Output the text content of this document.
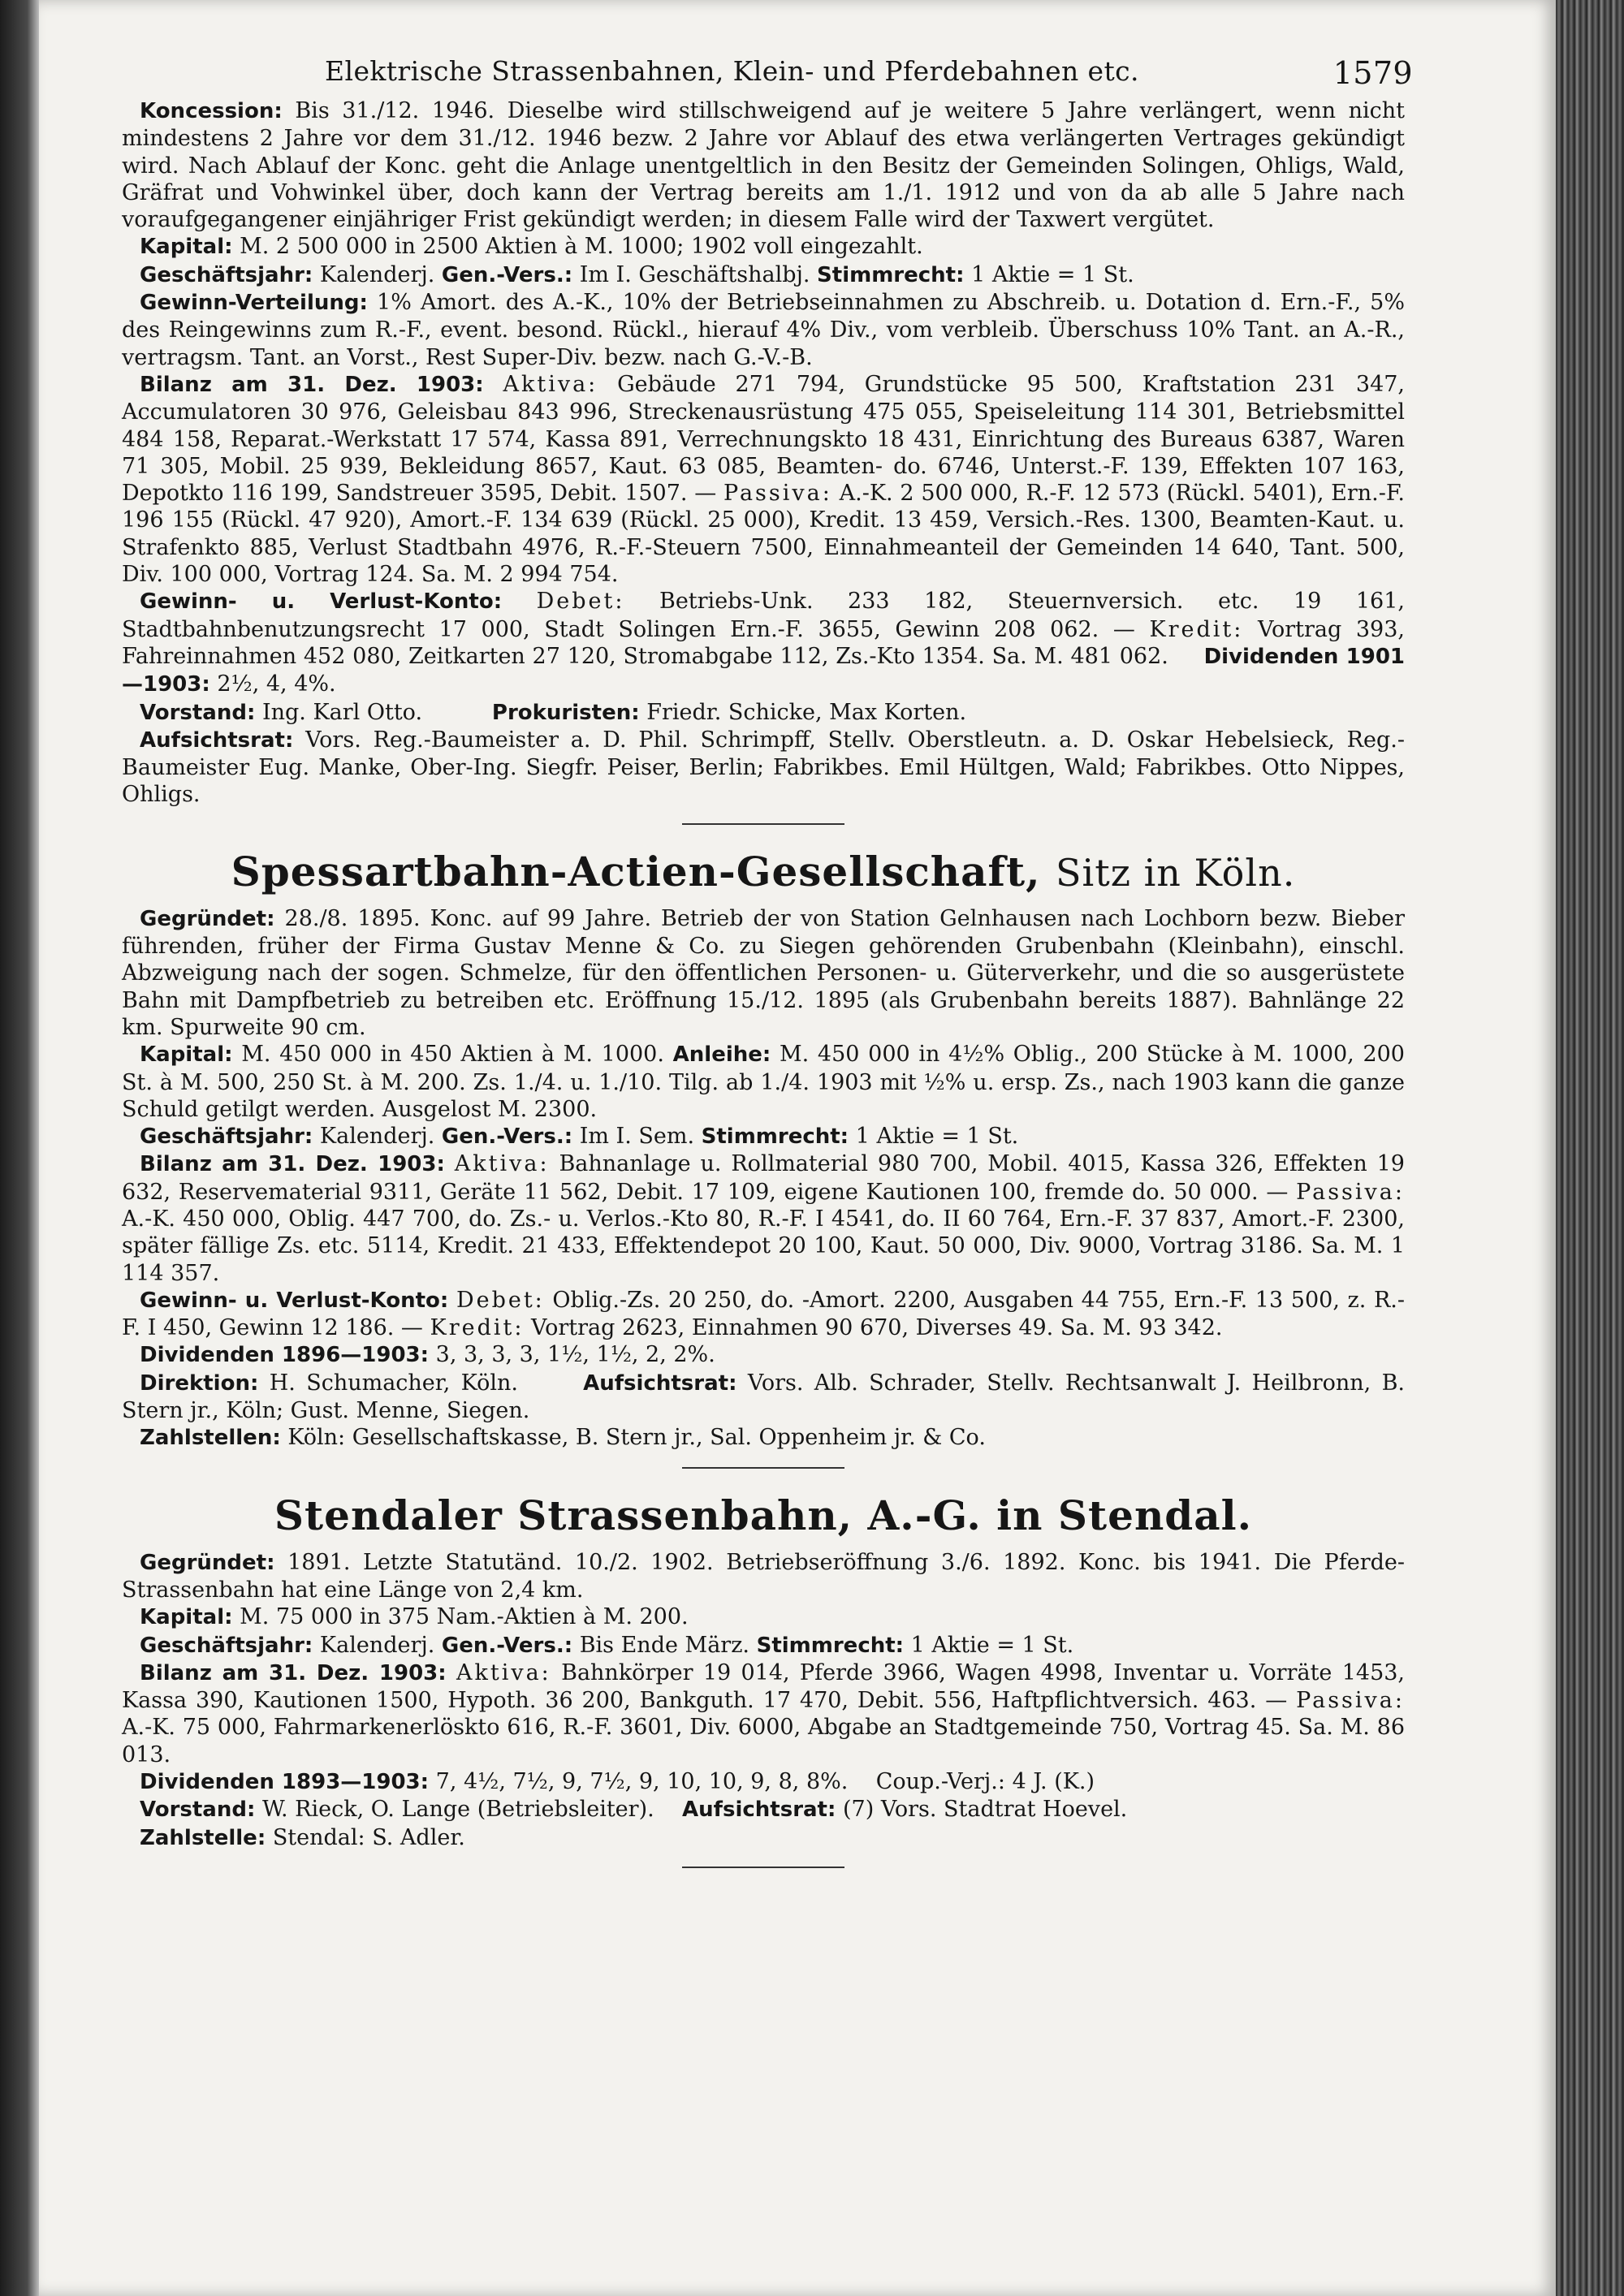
Elektrische Strassenbahnen, Klein- und Pferdebahnen etc.	1579

Koncession: Bis 31./12. 1946. Dieselbe wird stillschweigend auf je weitere 5 Jahre verlängert, wenn nicht mindestens 2 Jahre vor dem 31./12. 1946 bezw. 2 Jahre vor Ablauf des etwa verlängerten Vertrages gekündigt wird. Nach Ablauf der Konc. geht die Anlage unentgeltlich in den Besitz der Gemeinden Solingen, Ohligs, Wald, Gräfrat und Vohwinkel über, doch kann der Vertrag bereits am 1./1. 1912 und von da ab alle 5 Jahre nach voraufgegangener einjähriger Frist gekündigt werden; in diesem Falle wird der Taxwert vergütet.

Kapital: M. 2 500 000 in 2500 Aktien à M. 1000; 1902 voll eingezahlt.

Geschäftsjahr: Kalenderj. Gen.-Vers.: Im I. Geschäftshalbj. Stimmrecht: 1 Aktie = 1 St.

Gewinn-Verteilung: 1% Amort. des A.-K., 10% der Betriebseinnahmen zu Abschreib. u. Dotation d. Ern.-F., 5% des Reingewinns zum R.-F., event. besond. Rückl., hierauf 4% Div., vom verbleib. Überschuss 10% Tant. an A.-R., vertragsm. Tant. an Vorst., Rest Super-Div. bezw. nach G.-V.-B.

Bilanz am 31. Dez. 1903: Aktiva: Gebäude 271 794, Grundstücke 95 500, Kraftstation 231 347, Accumulatoren 30 976, Geleisbau 843 996, Streckenausrüstung 475 055, Speiseleitung 114 301, Betriebsmittel 484 158, Reparat.-Werkstatt 17 574, Kassa 891, Verrechnungskto 18 431, Einrichtung des Bureaus 6387, Waren 71 305, Mobil. 25 939, Bekleidung 8657, Kaut. 63 085, Beamten- do. 6746, Unterst.-F. 139, Effekten 107 163, Depotkto 116 199, Sandstreuer 3595, Debit. 1507. — Passiva: A.-K. 2 500 000, R.-F. 12 573 (Rückl. 5401), Ern.-F. 196 155 (Rückl. 47 920), Amort.-F. 134 639 (Rückl. 25 000), Kredit. 13 459, Versich.-Res. 1300, Beamten-Kaut. u. Strafenkto 885, Verlust Stadtbahn 4976, R.-F.-Steuern 7500, Einnahmeanteil der Gemeinden 14 640, Tant. 500, Div. 100 000, Vortrag 124. Sa. M. 2 994 754.

Gewinn- u. Verlust-Konto: Debet: Betriebs-Unk. 233 182, Steuernversich. etc. 19 161, Stadtbahnbenutzungsrecht 17 000, Stadt Solingen Ern.-F. 3655, Gewinn 208 062. — Kredit: Vortrag 393, Fahreinnahmen 452 080, Zeitkarten 27 120, Stromabgabe 112, Zs.-Kto 1354. Sa. M. 481 062. Dividenden 1901—1903: 2½, 4, 4%.

Vorstand: Ing. Karl Otto.	Prokuristen: Friedr. Schicke, Max Korten.

Aufsichtsrat: Vors. Reg.-Baumeister a. D. Phil. Schrimpff, Stellv. Oberstleutn. a. D. Oskar Hebelsieck, Reg.-Baumeister Eug. Manke, Ober-Ing. Siegfr. Peiser, Berlin; Fabrikbes. Emil Hültgen, Wald; Fabrikbes. Otto Nippes, Ohligs.

Spessartbahn-Actien-Gesellschaft, Sitz in Köln.

Gegründet: 28./8. 1895. Konc. auf 99 Jahre. Betrieb der von Station Gelnhausen nach Lochborn bezw. Bieber führenden, früher der Firma Gustav Menne & Co. zu Siegen gehörenden Grubenbahn (Kleinbahn), einschl. Abzweigung nach der sogen. Schmelze, für den öffentlichen Personen- u. Güterverkehr, und die so ausgerüstete Bahn mit Dampfbetrieb zu betreiben etc. Eröffnung 15./12. 1895 (als Grubenbahn bereits 1887). Bahnlänge 22 km. Spurweite 90 cm.

Kapital: M. 450 000 in 450 Aktien à M. 1000. Anleihe: M. 450 000 in 4½% Oblig., 200 Stücke à M. 1000, 200 St. à M. 500, 250 St. à M. 200. Zs. 1./4. u. 1./10. Tilg. ab 1./4. 1903 mit ½% u. ersp. Zs., nach 1903 kann die ganze Schuld getilgt werden. Ausgelost M. 2300.

Geschäftsjahr: Kalenderj. Gen.-Vers.: Im I. Sem. Stimmrecht: 1 Aktie = 1 St.

Bilanz am 31. Dez. 1903: Aktiva: Bahnanlage u. Rollmaterial 980 700, Mobil. 4015, Kassa 326, Effekten 19 632, Reservematerial 9311, Geräte 11 562, Debit. 17 109, eigene Kautionen 100, fremde do. 50 000. — Passiva: A.-K. 450 000, Oblig. 447 700, do. Zs.- u. Verlos.-Kto 80, R.-F. I 4541, do. II 60 764, Ern.-F. 37 837, Amort.-F. 2300, später fällige Zs. etc. 5114, Kredit. 21 433, Effektendepot 20 100, Kaut. 50 000, Div. 9000, Vortrag 3186. Sa. M. 1 114 357.

Gewinn- u. Verlust-Konto: Debet: Oblig.-Zs. 20 250, do. -Amort. 2200, Ausgaben 44 755, Ern.-F. 13 500, z. R.-F. I 450, Gewinn 12 186. — Kredit: Vortrag 2623, Einnahmen 90 670, Diverses 49. Sa. M. 93 342.

Dividenden 1896—1903: 3, 3, 3, 3, 1½, 1½, 2, 2%.

Direktion: H. Schumacher, Köln.	Aufsichtsrat: Vors. Alb. Schrader, Stellv. Rechtsanwalt J. Heilbronn, B. Stern jr., Köln; Gust. Menne, Siegen.

Zahlstellen: Köln: Gesellschaftskasse, B. Stern jr., Sal. Oppenheim jr. & Co.

Stendaler Strassenbahn, A.-G. in Stendal.

Gegründet: 1891. Letzte Statutänd. 10./2. 1902. Betriebseröffnung 3./6. 1892. Konc. bis 1941. Die Pferde-Strassenbahn hat eine Länge von 2,4 km.

Kapital: M. 75 000 in 375 Nam.-Aktien à M. 200.

Geschäftsjahr: Kalenderj. Gen.-Vers.: Bis Ende März. Stimmrecht: 1 Aktie = 1 St.

Bilanz am 31. Dez. 1903: Aktiva: Bahnkörper 19 014, Pferde 3966, Wagen 4998, Inventar u. Vorräte 1453, Kassa 390, Kautionen 1500, Hypoth. 36 200, Bankguth. 17 470, Debit. 556, Haftpflichtversich. 463. — Passiva: A.-K. 75 000, Fahrmarkenerlöskto 616, R.-F. 3601, Div. 6000, Abgabe an Stadtgemeinde 750, Vortrag 45. Sa. M. 86 013.

Dividenden 1893—1903: 7, 4½, 7½, 9, 7½, 9, 10, 10, 9, 8, 8%. Coup.-Verj.: 4 J. (K.)

Vorstand: W. Rieck, O. Lange (Betriebsleiter). Aufsichtsrat: (7) Vors. Stadtrat Hoevel.

Zahlstelle: Stendal: S. Adler.
